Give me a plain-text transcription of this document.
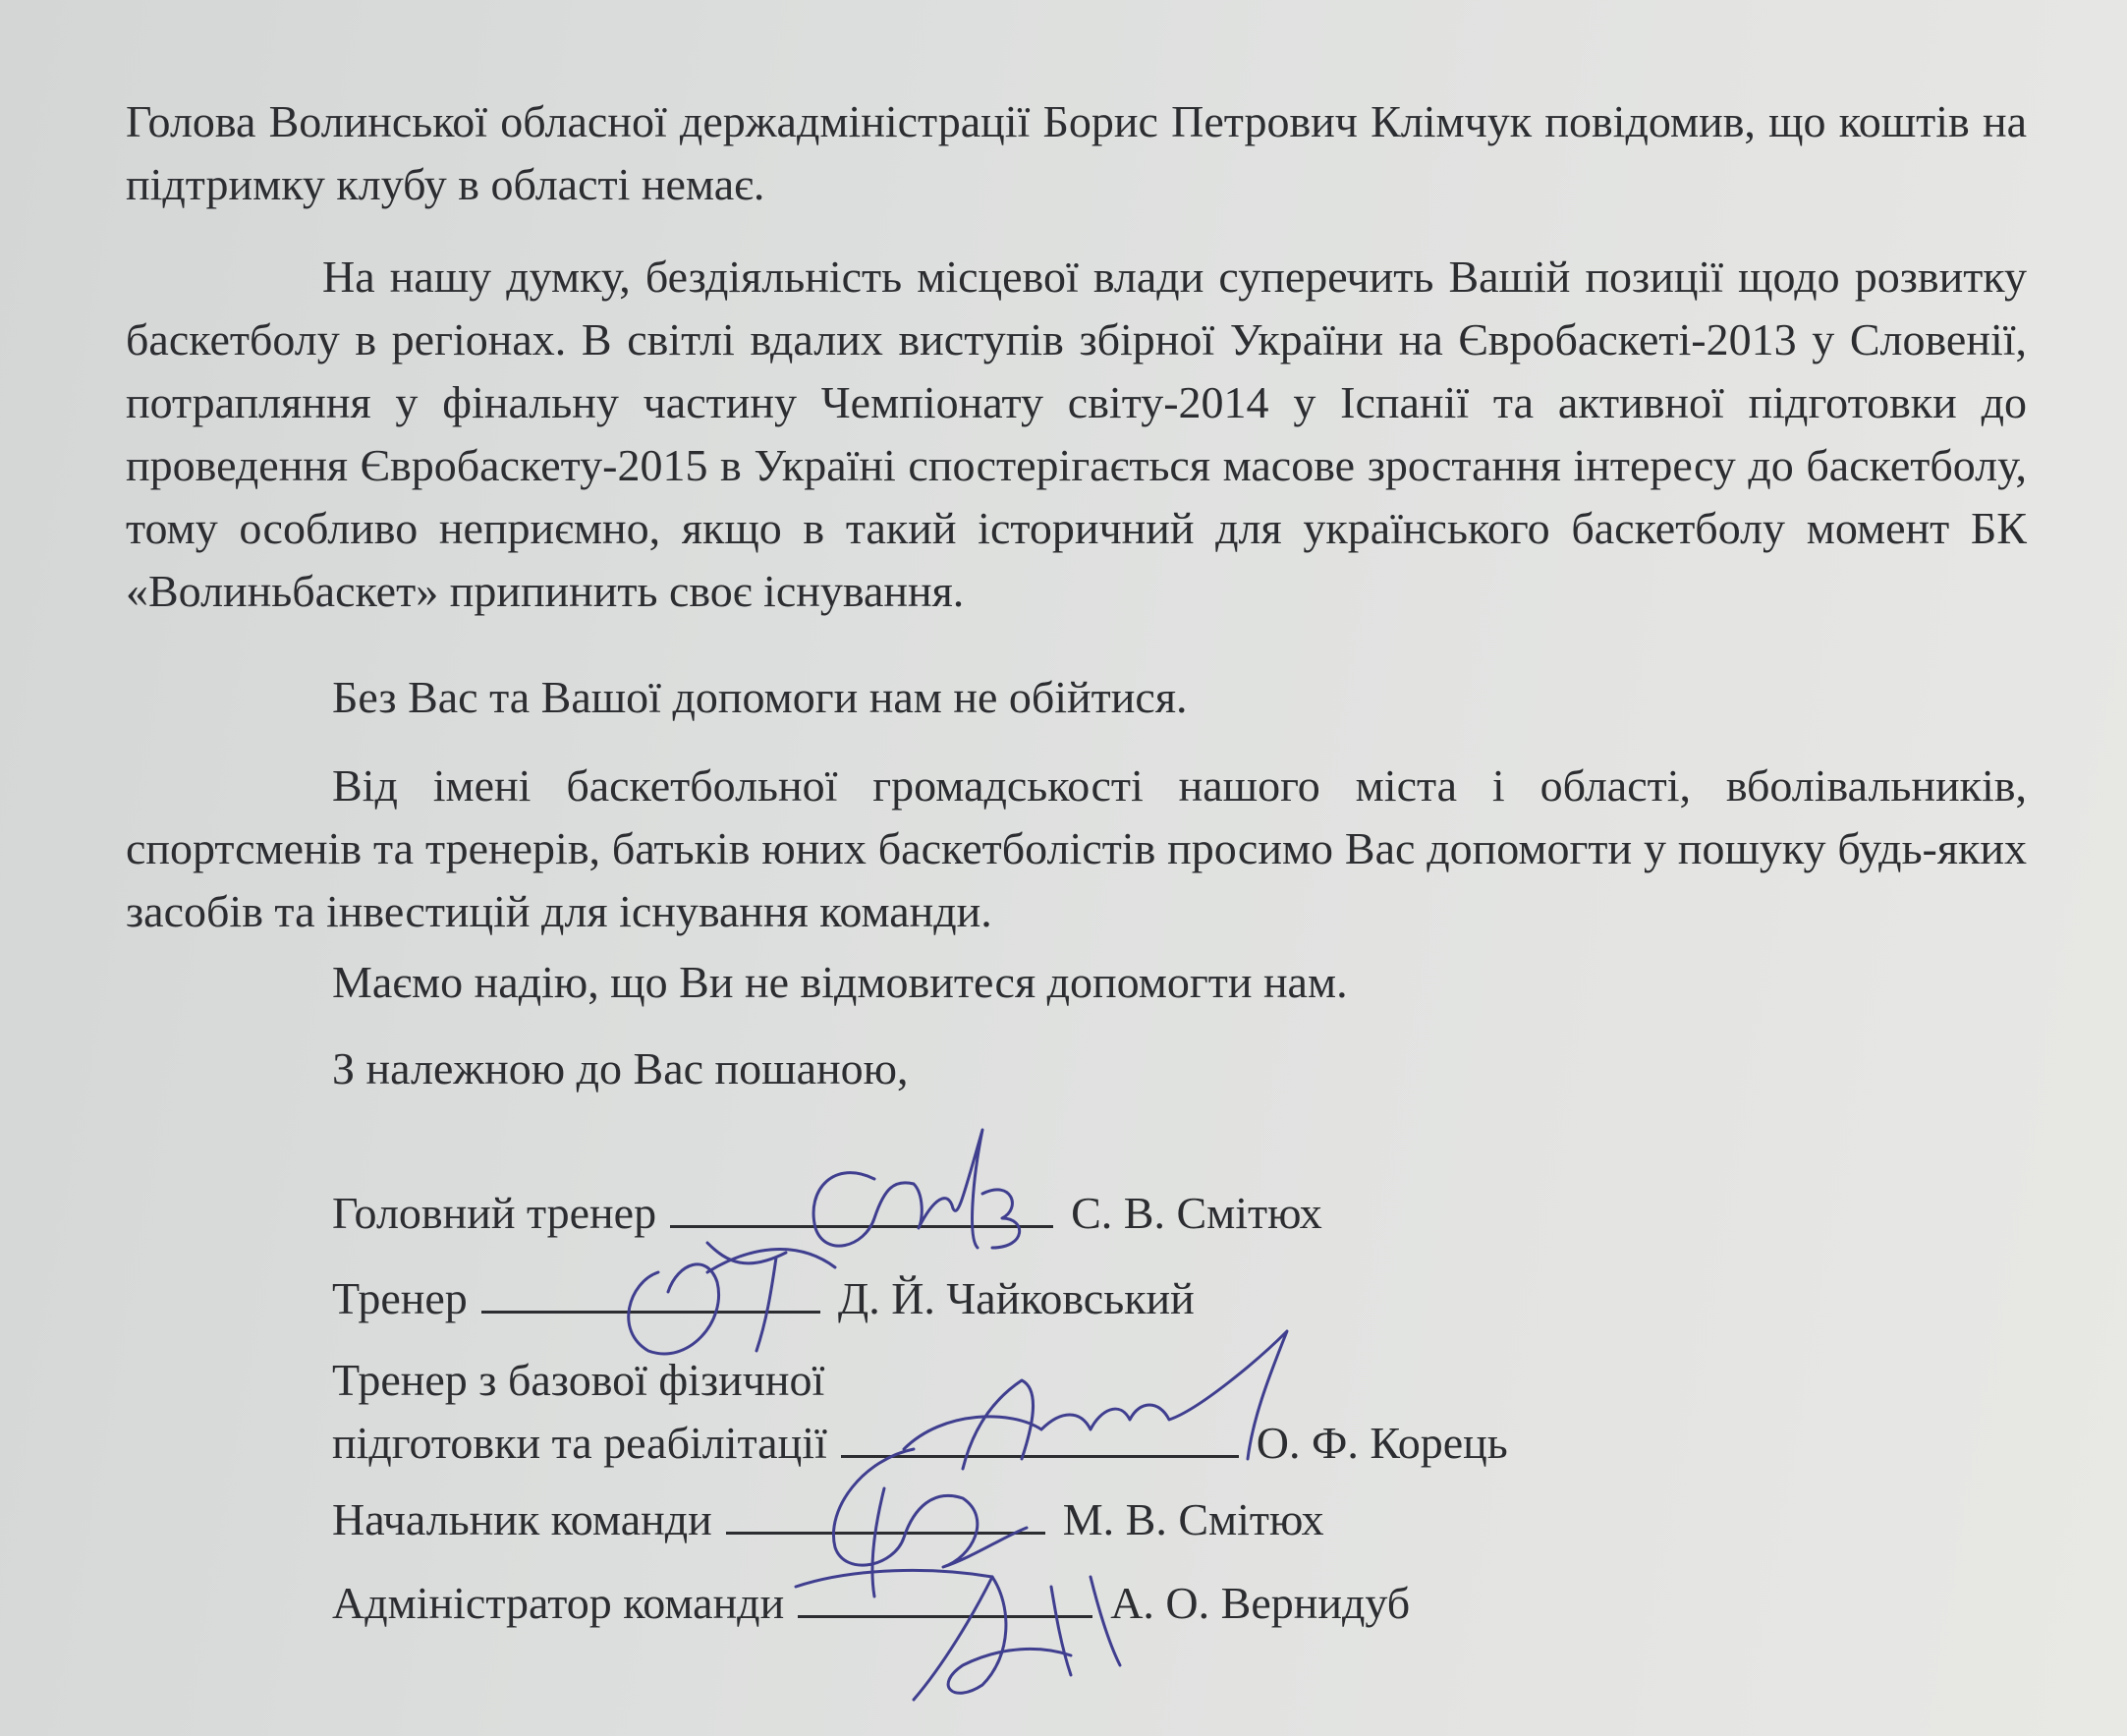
Голова Волинської обласної держадміністрації Борис Петрович Клімчук повідомив, що коштів на підтримку клубу в області немає.
На нашу думку, бездіяльність місцевої влади суперечить Вашій позиції щодо розвитку баскетболу в регіонах. В світлі вдалих виступів збірної України на Євробаскеті-2013 у Словенії, потрапляння у фінальну частину Чемпіонату світу-2014 у Іспанії та активної підготовки до проведення Євробаскету-2015 в Україні спостерігається масове зростання інтересу до баскетболу, тому особливо неприємно, якщо в такий історичний для українського баскетболу момент БК «Волиньбаскет» припинить своє існування.
Без Вас та Вашої допомоги нам не обійтися.
Від імені баскетбольної громадськості нашого міста і області, вболівальників, спортсменів та тренерів, батьків юних баскетболістів просимо Вас допомогти у пошуку будь-яких засобів та інвестицій для існування команди.
Маємо надію, що Ви не відмовитеся допомогти нам.
З належною до Вас пошаною,
Головний тренер	С. В. Смітюх
Тренер	Д. Й. Чайковський
Тренер з базової фізичної
підготовки та реабілітації	О. Ф. Корець
Начальник команди	М. В. Смітюх
Адміністратор команди	А. О. Вернидуб
